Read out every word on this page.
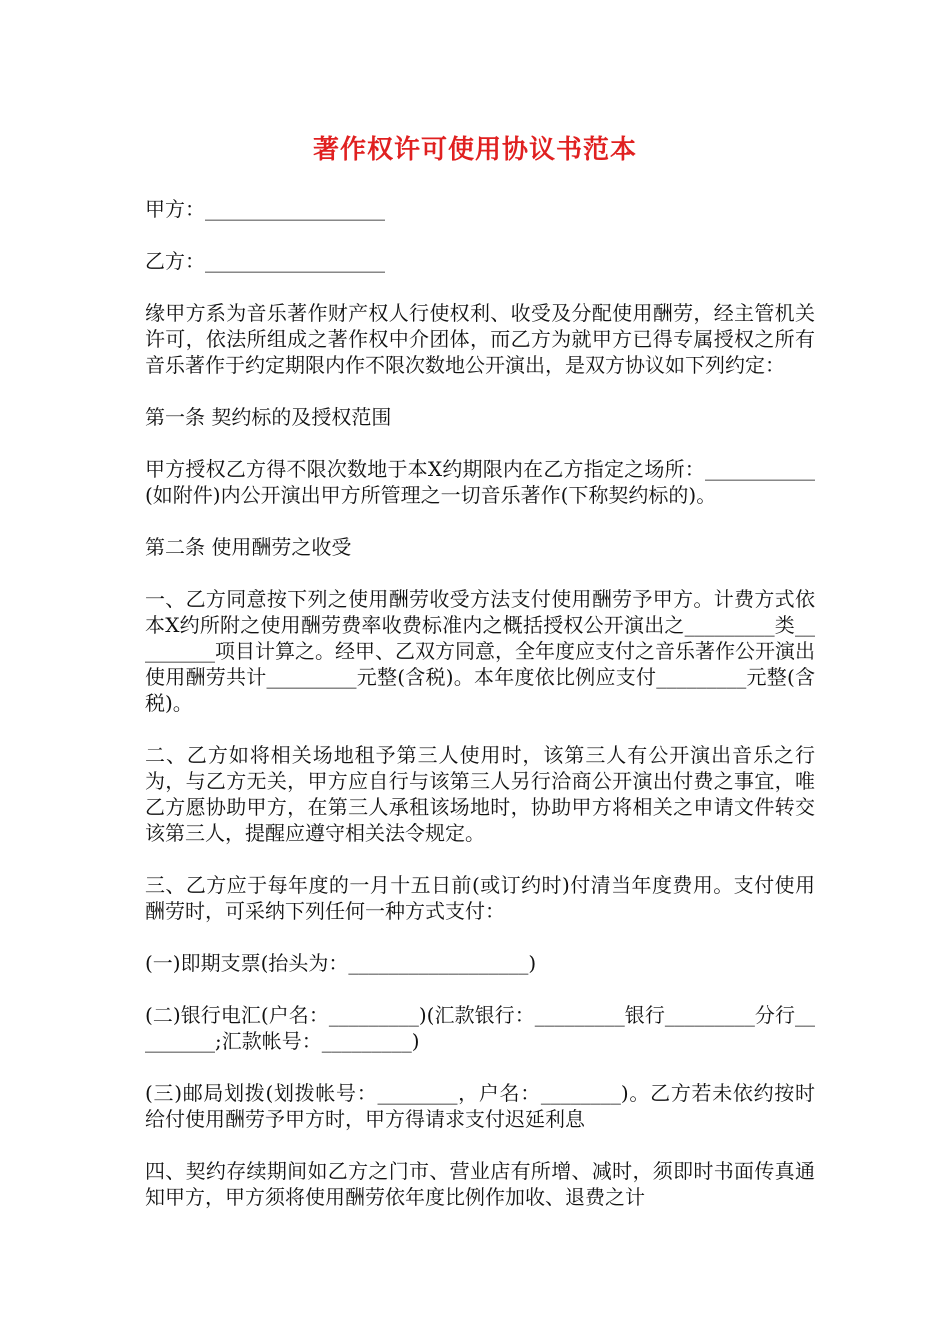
著作权许可使用协议书范本

甲方：__________________

乙方：__________________

缘甲方系为音乐著作财产权人行使权利、收受及分配使用酬劳，经主管机关许可，依法所组成之著作权中介团体，而乙方为就甲方已得专属授权之所有音乐著作于约定期限内作不限次数地公开演出，是双方协议如下列约定：

第一条 契约标的及授权范围

甲方授权乙方得不限次数地于本X约期限内在乙方指定之场所：___________(如附件)内公开演出甲方所管理之一切音乐著作(下称契约标的)。

第二条 使用酬劳之收受

一、乙方同意按下列之使用酬劳收受方法支付使用酬劳予甲方。计费方式依本X约所附之使用酬劳费率收费标准内之概括授权公开演出之_________类_________项目计算之。经甲、乙双方同意，全年度应支付之音乐著作公开演出使用酬劳共计_________元整(含税)。本年度依比例应支付_________元整(含税)。

二、乙方如将相关场地租予第三人使用时，该第三人有公开演出音乐之行为，与乙方无关，甲方应自行与该第三人另行洽商公开演出付费之事宜，唯乙方愿协助甲方，在第三人承租该场地时，协助甲方将相关之申请文件转交该第三人，提醒应遵守相关法令规定。

三、乙方应于每年度的一月十五日前(或订约时)付清当年度费用。支付使用酬劳时，可采纳下列任何一种方式支付：

(一)即期支票(抬头为：__________________)

(二)银行电汇(户名：_________)(汇款银行：_________银行_________分行_________;汇款帐号：_________)

(三)邮局划拨(划拨帐号：________，户名：________)。乙方若未依约按时给付使用酬劳予甲方时，甲方得请求支付迟延利息

四、契约存续期间如乙方之门市、营业店有所增、减时，须即时书面传真通知甲方，甲方须将使用酬劳依年度比例作加收、退费之计
